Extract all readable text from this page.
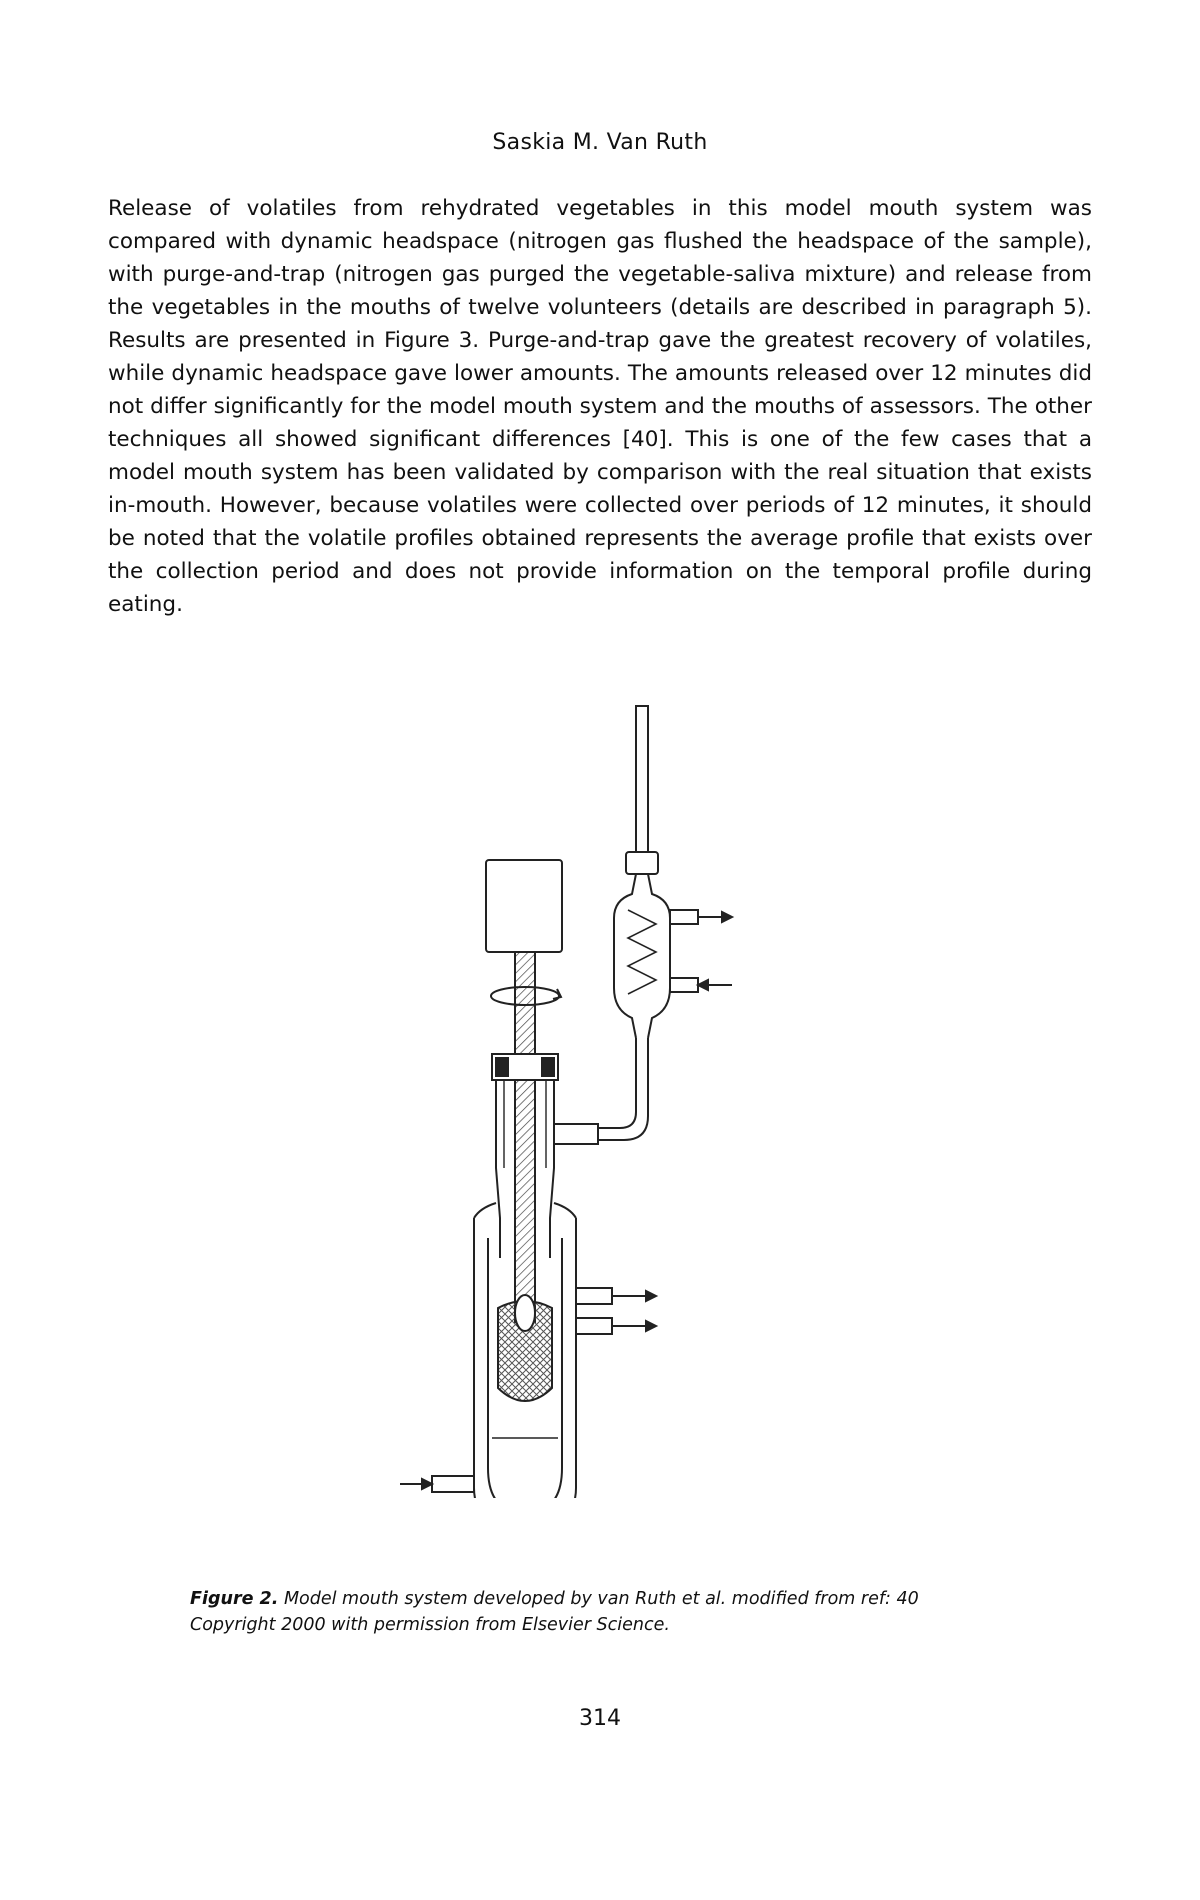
Saskia M. Van Ruth

Release of volatiles from rehydrated vegetables in this model mouth system was compared with dynamic headspace (nitrogen gas flushed the headspace of the sample), with purge-and-trap (nitrogen gas purged the vegetable-saliva mixture) and release from the vegetables in the mouths of twelve volunteers (details are described in paragraph 5). Results are presented in Figure 3. Purge-and-trap gave the greatest recovery of volatiles, while dynamic headspace gave lower amounts. The amounts released over 12 minutes did not differ significantly for the model mouth system and the mouths of assessors. The other techniques all showed significant differences [40]. This is one of the few cases that a model mouth system has been validated by comparison with the real situation that exists in-mouth. However, because volatiles were collected over periods of 12 minutes, it should be noted that the volatile profiles obtained represents the average profile that exists over the collection period and does not provide information on the temporal profile during eating.

Figure 2. Model mouth system developed by van Ruth et al. modified from ref: 40
Copyright 2000 with permission from Elsevier Science.

314
